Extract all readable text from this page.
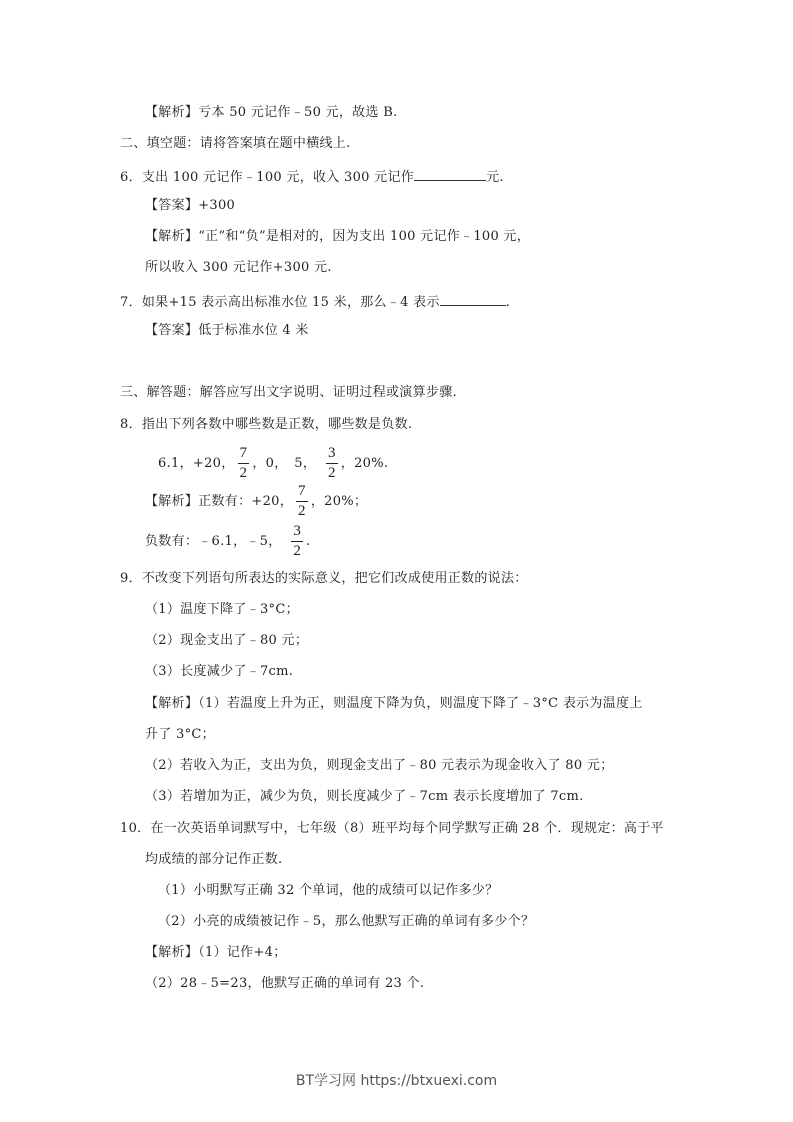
【解析】亏本 50 元记作﹣50 元，故选 B.
二、填空题：请将答案填在题中横线上.
6．支出 100 元记作﹣100 元，收入 300 元记作	元.
【答案】+300
【解析】“正”和“负”是相对的，因为支出 100 元记作﹣100 元，
所以收入 300 元记作+300 元.
7．如果+15 表示高出标准水位 15 米，那么﹣4 表示	.
【答案】低于标准水位 4 米
三、解答题：解答应写出文字说明、证明过程或演算步骤.
8．指出下列各数中哪些数是正数，哪些数是负数.
6.1，+20， $\frac{7}{2}$ ，0，　5，　 $\frac{3}{2}$ ，20%.
【解析】正数有：+20， $\frac{7}{2}$ ，20%；
负数有：﹣6.1，﹣5，　 $\frac{3}{2}$ .
9．不改变下列语句所表达的实际意义，把它们改成使用正数的说法：
（1）温度下降了﹣3°C；
（2）现金支出了﹣80 元；
（3）长度减少了﹣7cm.
【解析】（1）若温度上升为正，则温度下降为负，则温度下降了﹣3°C 表示为温度上
升了 3°C；
（2）若收入为正，支出为负，则现金支出了﹣80 元表示为现金收入了 80 元；
（3）若增加为正，减少为负，则长度减少了﹣7cm 表示长度增加了 7cm.
10．在一次英语单词默写中，七年级（8）班平均每个同学默写正确 28 个．现规定：高于平
均成绩的部分记作正数.
（1）小明默写正确 32 个单词，他的成绩可以记作多少？
（2）小亮的成绩被记作﹣5，那么他默写正确的单词有多少个？
【解析】（1）记作+4；
（2）28﹣5=23，他默写正确的单词有 23 个.
BT学习网 https://btxuexi.com
